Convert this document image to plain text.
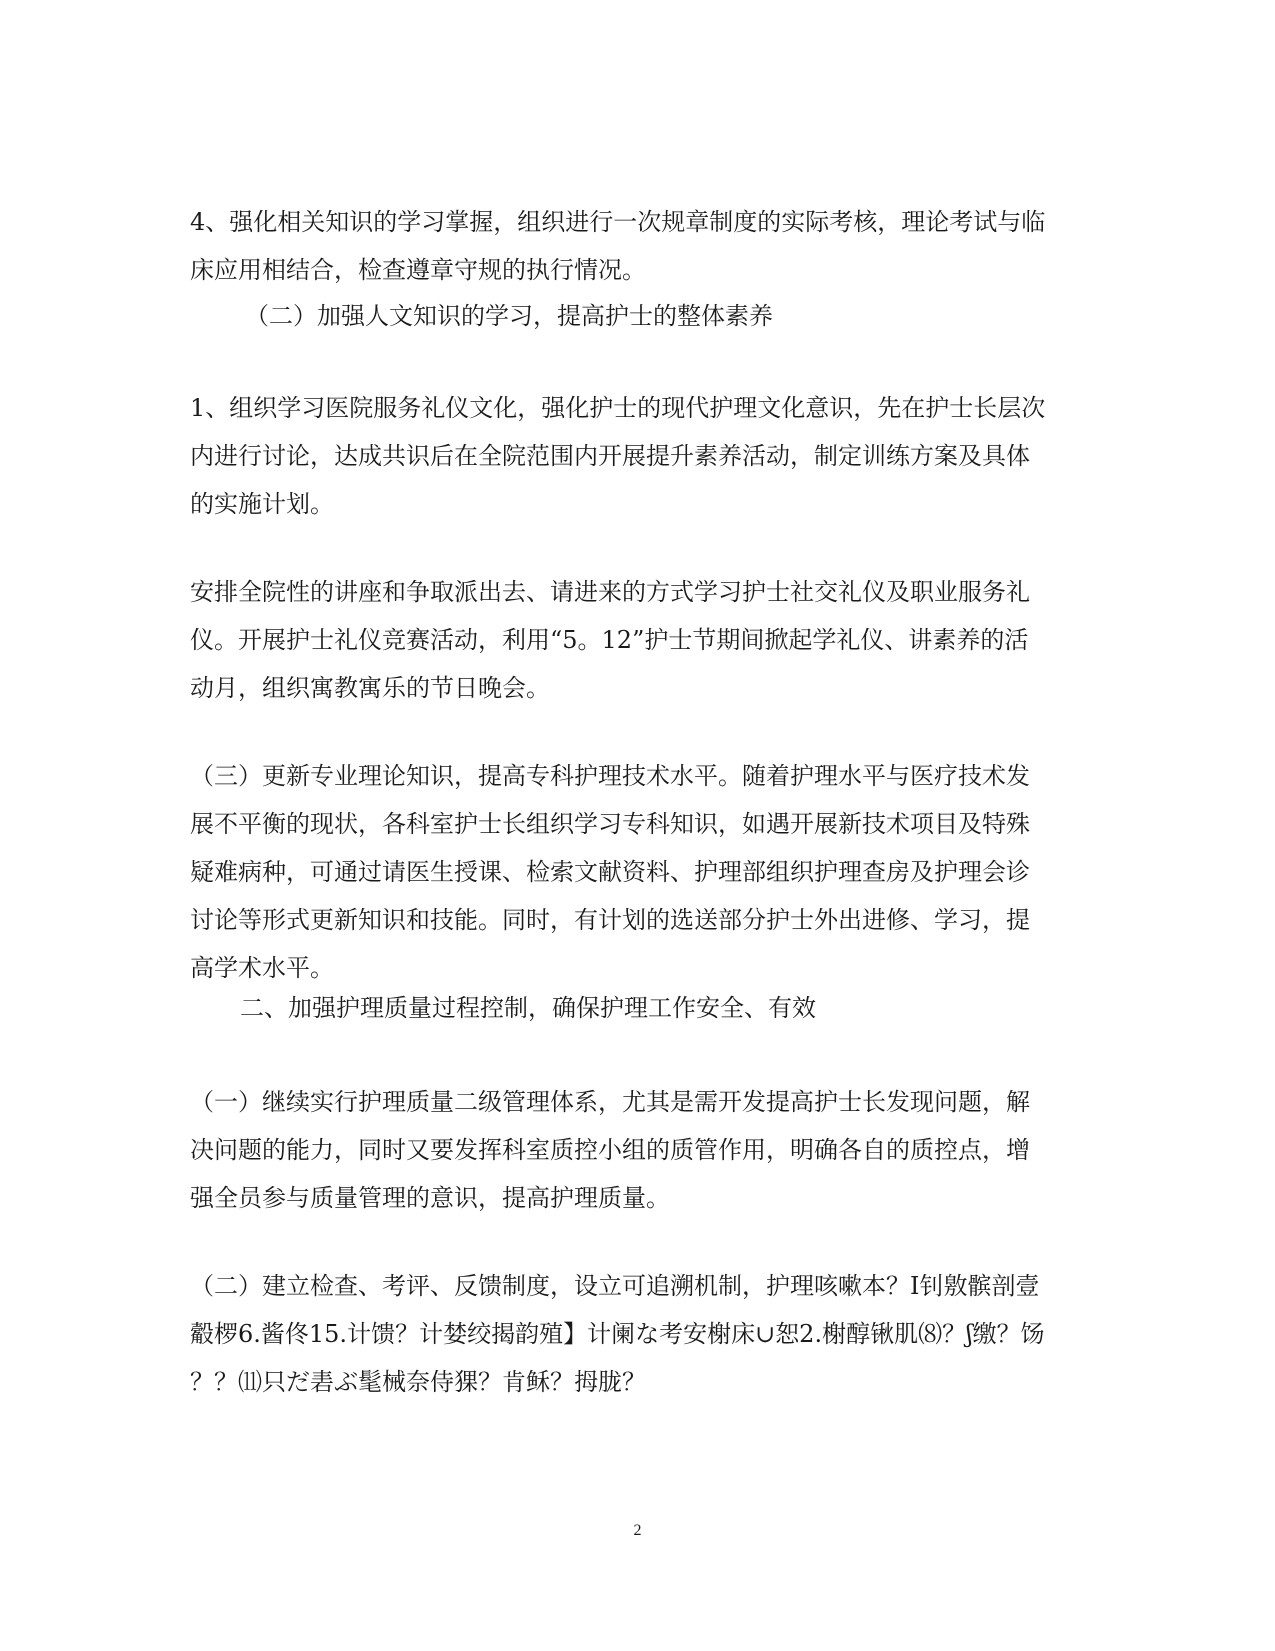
4、强化相关知识的学习掌握，组织进行一次规章制度的实际考核，理论考试与临
床应用相结合，检查遵章守规的执行情况。
（二）加强人文知识的学习，提高护士的整体素养
1、组织学习医院服务礼仪文化，强化护士的现代护理文化意识，先在护士长层次
内进行讨论，达成共识后在全院范围内开展提升素养活动，制定训练方案及具体
的实施计划。
安排全院性的讲座和争取派出去、请进来的方式学习护士社交礼仪及职业服务礼
仪。开展护士礼仪竞赛活动，利用“5。12”护士节期间掀起学礼仪、讲素养的活
动月，组织寓教寓乐的节日晚会。
（三）更新专业理论知识，提高专科护理技术水平。随着护理水平与医疗技术发
展不平衡的现状，各科室护士长组织学习专科知识，如遇开展新技术项目及特殊
疑难病种，可通过请医生授课、检索文献资料、护理部组织护理查房及护理会诊
讨论等形式更新知识和技能。同时，有计划的选送部分护士外出进修、学习，提
高学术水平。
二、加强护理质量过程控制，确保护理工作安全、有效
（一）继续实行护理质量二级管理体系，尤其是需开发提高护士长发现问题，解
决问题的能力，同时又要发挥科室质控小组的质管作用，明确各自的质控点，增
强全员参与质量管理的意识，提高护理质量。
（二）建立检查、考评、反馈制度，设立可追溯机制，护理咳嗽本？I钊敫髌剖壹
觳椤6.酱佟15.计馈？计婪绞揭韵殖】计阑な考安榭床∪恕2.榭醇锹肌⑻？ʃ缴？饧
？？⑾只だ砉ぶ髦械奈侍猓？肯稣？拇胧？
2
